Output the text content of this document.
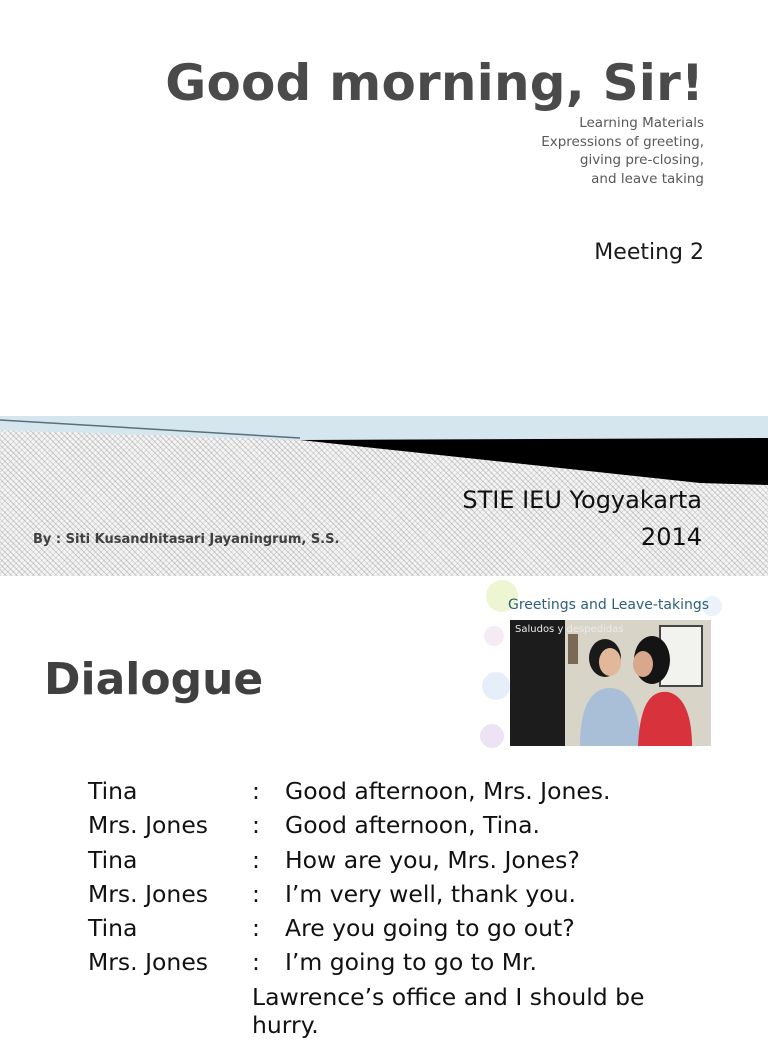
Good morning, Sir!
Learning Materials
Expressions of greeting,
giving pre-closing,
and leave taking
Meeting 2
STIE IEU Yogyakarta
2014
By : Siti Kusandhitasari Jayaningrum, S.S.
Dialogue
Greetings and Leave-takings
Saludos y despedidas
Tina	: Good afternoon, Mrs. Jones.
Mrs. Jones : Good afternoon, Tina.
Tina	: How are you, Mrs. Jones?
Mrs. Jones : I’m very well, thank you.
Tina	: Are you going to go out?
Mrs. Jones : I’m going to go to Mr.
Lawrence’s office and I should be
hurry.
